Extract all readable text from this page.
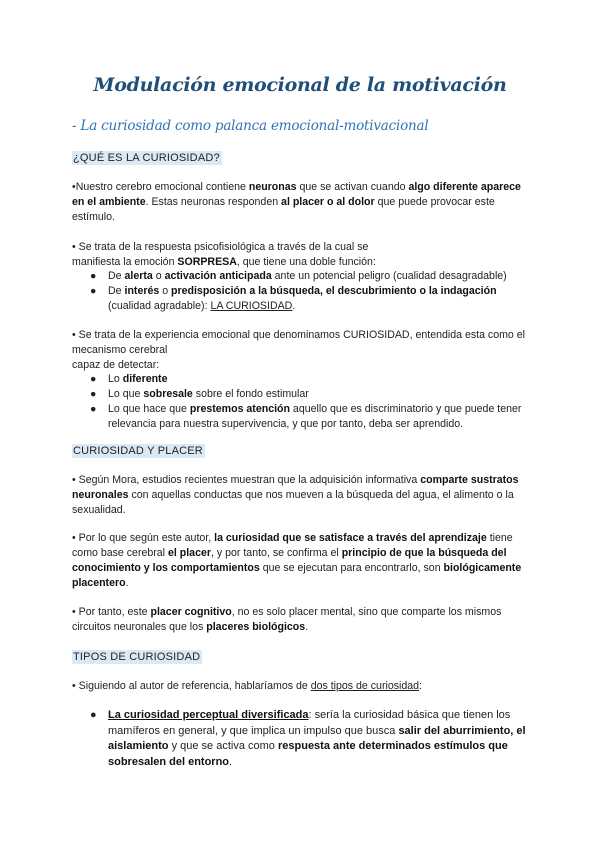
Modulación emocional de la motivación
- La curiosidad como palanca emocional-motivacional
¿QUÉ ES LA CURIOSIDAD?
•Nuestro cerebro emocional contiene neuronas que se activan cuando algo diferente aparece en el ambiente. Estas neuronas responden al placer o al dolor que puede provocar este estímulo.
• Se trata de la respuesta psicofisiológica a través de la cual se
manifiesta la emoción SORPRESA, que tiene una doble función:
● De alerta o activación anticipada ante un potencial peligro (cualidad desagradable)
● De interés o predisposición a la búsqueda, el descubrimiento o la indagación (cualidad agradable): LA CURIOSIDAD.
• Se trata de la experiencia emocional que denominamos CURIOSIDAD, entendida esta como el mecanismo cerebral
capaz de detectar:
● Lo diferente
● Lo que sobresale sobre el fondo estimular
● Lo que hace que prestemos atención aquello que es discriminatorio y que puede tener relevancia para nuestra supervivencia, y que por tanto, deba ser aprendido.
CURIOSIDAD Y PLACER
• Según Mora, estudios recientes muestran que la adquisición informativa comparte sustratos neuronales con aquellas conductas que nos mueven a la búsqueda del agua, el alimento o la sexualidad.
• Por lo que según este autor, la curiosidad que se satisface a través del aprendizaje tiene como base cerebral el placer, y por tanto, se confirma el principio de que la búsqueda del conocimiento y los comportamientos que se ejecutan para encontrarlo, son biológicamente placentero.
• Por tanto, este placer cognitivo, no es solo placer mental, sino que comparte los mismos circuitos neuronales que los placeres biológicos.
TIPOS DE CURIOSIDAD
• Siguiendo al autor de referencia, hablaríamos de dos tipos de curiosidad:
● La curiosidad perceptual diversificada: sería la curiosidad básica que tienen los mamíferos en general, y que implica un impulso que busca salir del aburrimiento, el aislamiento y que se activa como respuesta ante determinados estímulos que sobresalen del entorno.
